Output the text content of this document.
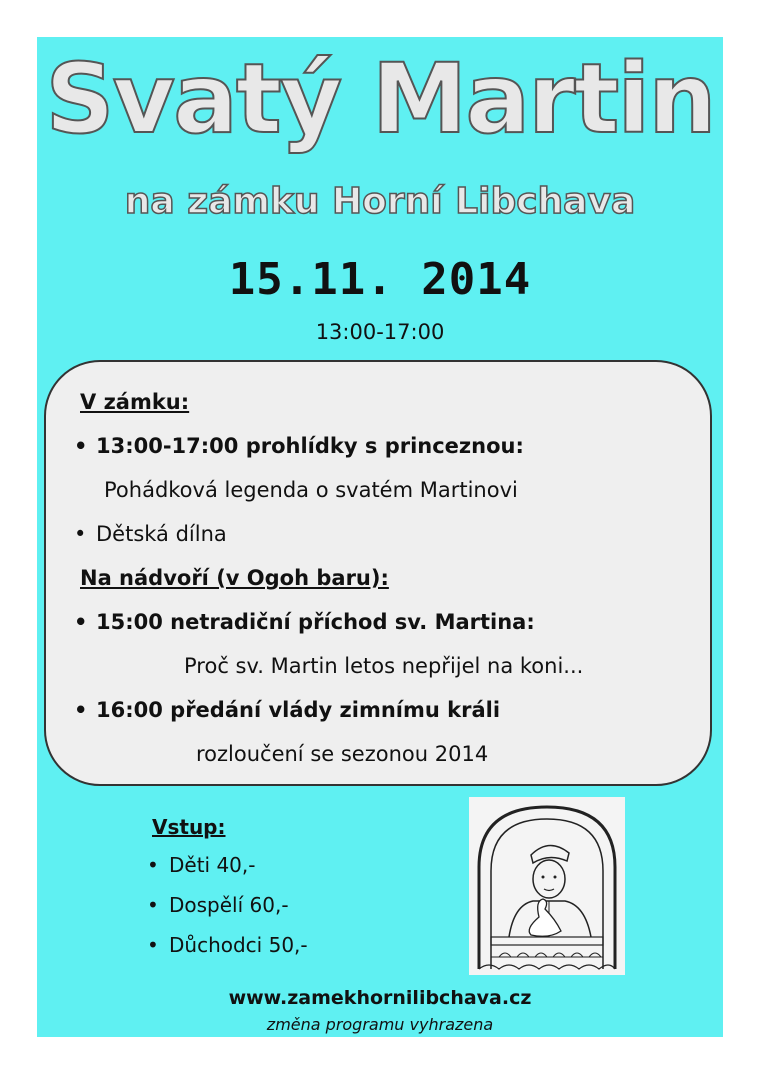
Svatý Martin
na zámku Horní Libchava
15.11. 2014
13:00-17:00
V zámku:
• 13:00-17:00 prohlídky s princeznou:
Pohádková legenda o svatém Martinovi
• Dětská dílna
Na nádvoří (v Ogoh baru):
• 15:00 netradiční příchod sv. Martina:
Proč sv. Martin letos nepřijel na koni...
• 16:00 předání vlády zimnímu králi
rozloučení se sezonou 2014
Vstup:
• Děti 40,-
• Dospělí 60,-
• Důchodci 50,-
www.zamekhornilibchava.cz
změna programu vyhrazena
